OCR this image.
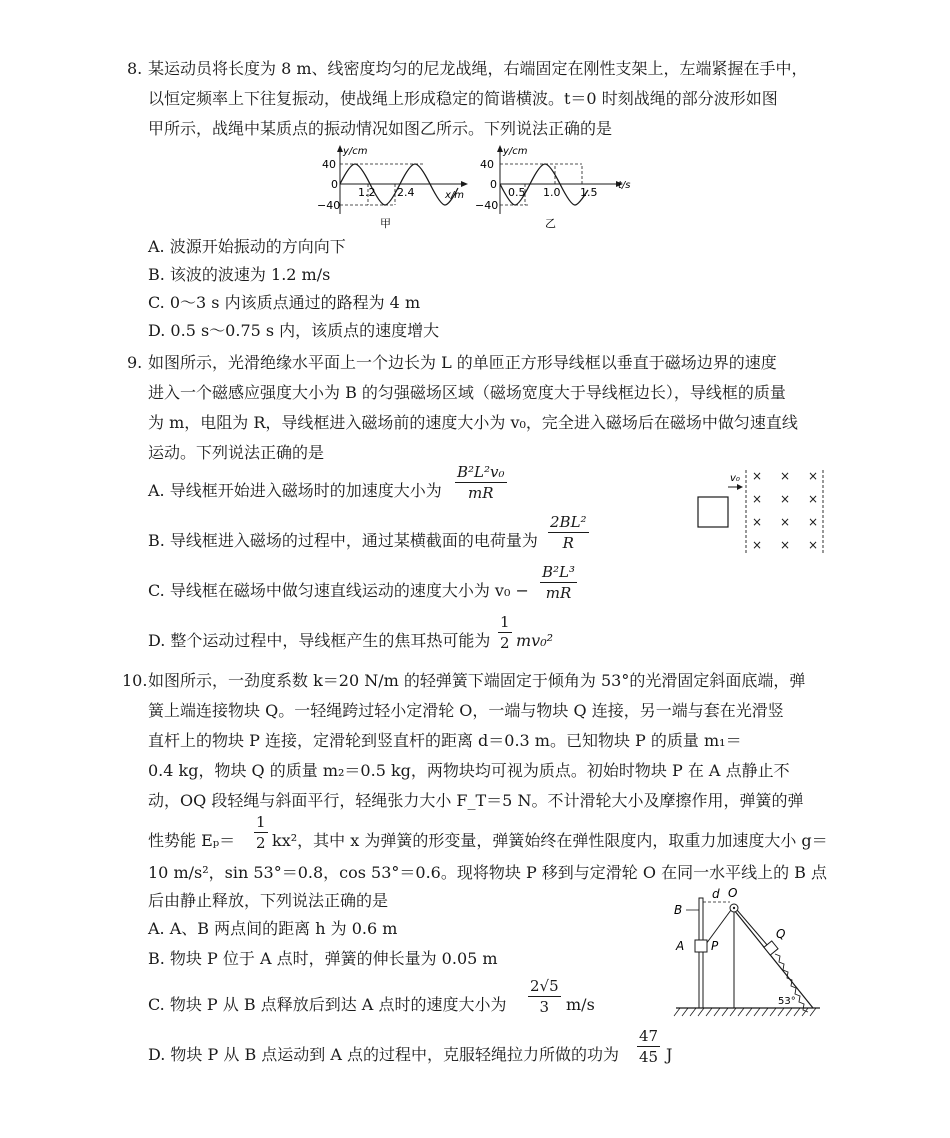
8. 某运动员将长度为 8 m、线密度均匀的尼龙战绳，右端固定在刚性支架上，左端紧握在手中，
以恒定频率上下往复振动，使战绳上形成稳定的简谐横波。t＝0 时刻战绳的部分波形如图
甲所示，战绳中某质点的振动情况如图乙所示。下列说法正确的是
y/cm
40
0
−40
1.2 2.4	x/m
甲
y/cm
40
0
−40
0.5 1.0 1.5
t/s
乙
A. 波源开始振动的方向向下
B. 该波的波速为 1.2 m/s
C. 0～3 s 内该质点通过的路程为 4 m
D. 0.5 s～0.75 s 内，该质点的速度增大
9. 如图所示，光滑绝缘水平面上一个边长为 L 的单匝正方形导线框以垂直于磁场边界的速度
进入一个磁感应强度大小为 B 的匀强磁场区域（磁场宽度大于导线框边长），导线框的质量
为 m，电阻为 R，导线框进入磁场前的速度大小为 v₀，完全进入磁场后在磁场中做匀速直线
运动。下列说法正确的是
A. 导线框开始进入磁场时的加速度大小为 $\frac{\text{B²L²v₀}}{mR}$
B. 导线框进入磁场的过程中，通过某横截面的电荷量为 $\frac{\text{2BL²}}{R}$
C. 导线框在磁场中做匀速直线运动的速度大小为 $v_0 - \frac{\text{B²L³}}{mR}$
D. 整个运动过程中，导线框产生的焦耳热可能为 $\frac{1}{2} mv_0^2$
v₀ × × ×
× × ×
× × ×
× × ×
10. 如图所示，一劲度系数 k＝20 N/m 的轻弹簧下端固定于倾角为 53°的光滑固定斜面底端，弹
簧上端连接物块 Q。一轻绳跨过轻小定滑轮 O，一端与物块 Q 连接，另一端与套在光滑竖
直杆上的物块 P 连接，定滑轮到竖直杆的距离 d＝0.3 m。已知物块 P 的质量 m₁＝
0.4 kg，物块 Q 的质量 m₂＝0.5 kg，两物块均可视为质点。初始时物块 P 在 A 点静止不
动，OQ 段轻绳与斜面平行，轻绳张力大小 F_T＝5 N。不计滑轮大小及摩擦作用，弹簧的弹
性势能 $E_p= \frac{1}{2} kx^2$，其中 x 为弹簧的形变量，弹簧始终在弹性限度内，取重力加速度大小 g＝
10 m/s²，sin 53°＝0.8，cos 53°＝0.6。现将物块 P 移到与定滑轮 O 在同一水平线上的 B 点
后由静止释放，下列说法正确的是
A. A、B 两点间的距离 h 为 0.6 m
B. 物块 P 位于 A 点时，弹簧的伸长量为 0.05 m
C. 物块 P 从 B 点释放后到达 A 点时的速度大小为 $\frac{2√5}{3} m/s$
D. 物块 P 从 B 点运动到 A 点的过程中，克服轻绳拉力所做的功为 $\frac{47}{45}$ J
B
d O
A P
Q
53°
